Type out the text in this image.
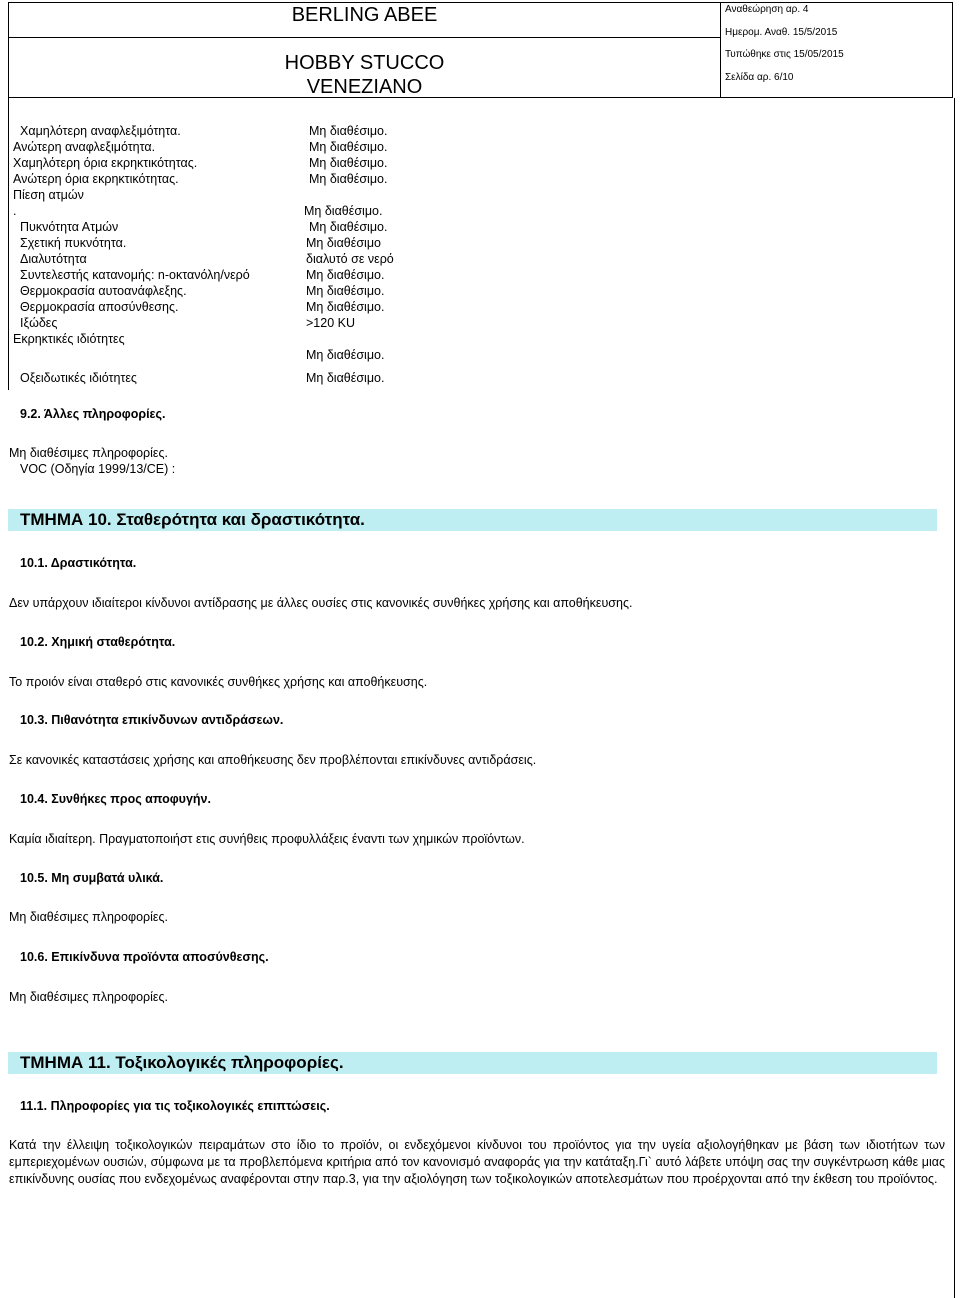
BERLING ABEE
HOBBY STUCCO
VENEZIANO
Αναθεώρηση αρ. 4
Ημερομ. Αναθ. 15/5/2015
Τυπώθηκε στις 15/05/2015
Σελίδα αρ. 6/10
Χαμηλότερη αναφλεξιμότητα.	Μη διαθέσιμο.
Ανώτερη αναφλεξιμότητα.	Μη διαθέσιμο.
Χαμηλότερη όρια εκρηκτικότητας.	Μη διαθέσιμο.
Ανώτερη όρια εκρηκτικότητας.	Μη διαθέσιμο.
Πίεση ατμών
.	Μη διαθέσιμο.
Πυκνότητα Ατμών	Μη διαθέσιμο.
Σχετική πυκνότητα.	Μη διαθέσιμο
Διαλυτότητα	διαλυτό σε νερό
Συντελεστής κατανομής: n-οκτανόλη/νερό	Μη διαθέσιμο.
Θερμοκρασία αυτοανάφλεξης.	Μη διαθέσιμο.
Θερμοκρασία αποσύνθεσης.	Μη διαθέσιμο.
Ιξώδες	>120 KU
Εκρηκτικές ιδιότητες
Μη διαθέσιμο.
Οξειδωτικές ιδιότητες	Μη διαθέσιμο.
9.2. Άλλες πληροφορίες.
Μη διαθέσιμες πληροφορίες.
VOC (Οδηγία 1999/13/CE) :
ΤΜΗΜΑ 10. Σταθερότητα και δραστικότητα.
10.1. Δραστικότητα.
Δεν υπάρχουν ιδιαίτεροι κίνδυνοι αντίδρασης με άλλες ουσίες στις κανονικές συνθήκες χρήσης και αποθήκευσης.
10.2. Χημική σταθερότητα.
Το προιόν είναι σταθερό στις κανονικές συνθήκες χρήσης και αποθήκευσης.
10.3. Πιθανότητα επικίνδυνων αντιδράσεων.
Σε κανονικές καταστάσεις χρήσης και αποθήκευσης δεν προβλέπονται επικίνδυνες αντιδράσεις.
10.4. Συνθήκες προς αποφυγήν.
Καμία ιδιαίτερη. Πραγματοποιήστ ετις συνήθεις προφυλλάξεις έναντι των χημικών προϊόντων.
10.5. Μη συμβατά υλικά.
Μη διαθέσιμες πληροφορίες.
10.6. Επικίνδυνα προϊόντα αποσύνθεσης.
Μη διαθέσιμες πληροφορίες.
ΤΜΗΜΑ 11. Τοξικολογικές πληροφορίες.
11.1. Πληροφορίες για τις τοξικολογικές επιπτώσεις.
Κατά την έλλειψη τοξικολογικών πειραμάτων στο ίδιο το προϊόν, οι ενδεχόμενοι κίνδυνοι του προϊόντος για την υγεία αξιολογήθηκαν με βάση των ιδιοτήτων των εμπεριεχομένων ουσιών, σύμφωνα με τα προβλεπόμενα κριτήρια από τον κανονισμό αναφοράς για την κατάταξη.Γι` αυτό λάβετε υπόψη σας την συγκέντρωση κάθε μιας επικίνδυνης ουσίας που ενδεχομένως αναφέρονται στην παρ.3, για την αξιολόγηση των τοξικολογικών αποτελεσμάτων που προέρχονται από την έκθεση του προϊόντος.
